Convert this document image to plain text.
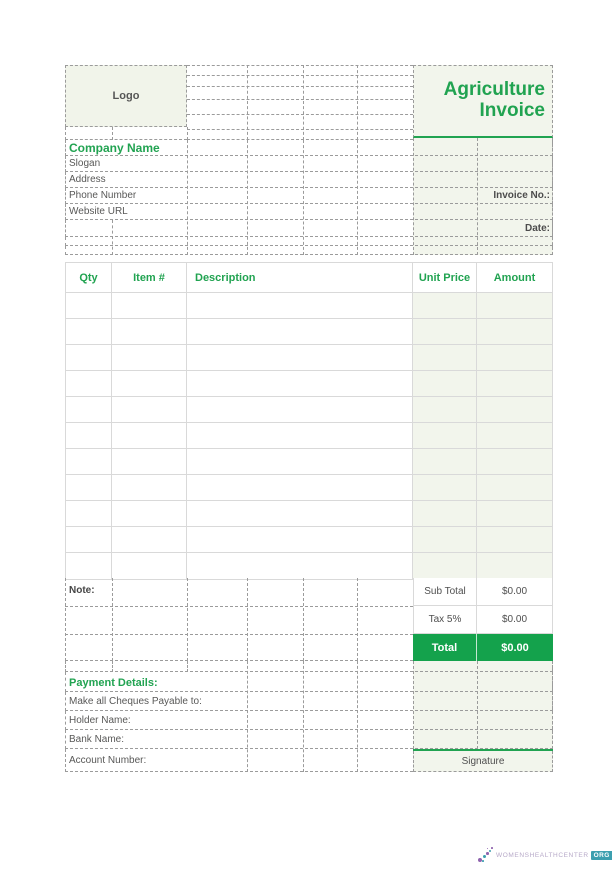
Logo	Agriculture
Invoice
Company Name
Slogan
Address
Phone Number
Website URL
Invoice No.:
Date:
Qty	Item #	Description	Unit Price	Amount
Note:	Sub Total	$0.00
Tax 5%	$0.00
Total	$0.00
Payment Details:
Make all Cheques Payable to:
Holder Name:
Bank Name:
Account Number:	Signature
WOMENSHEALTHCENTER ORG
